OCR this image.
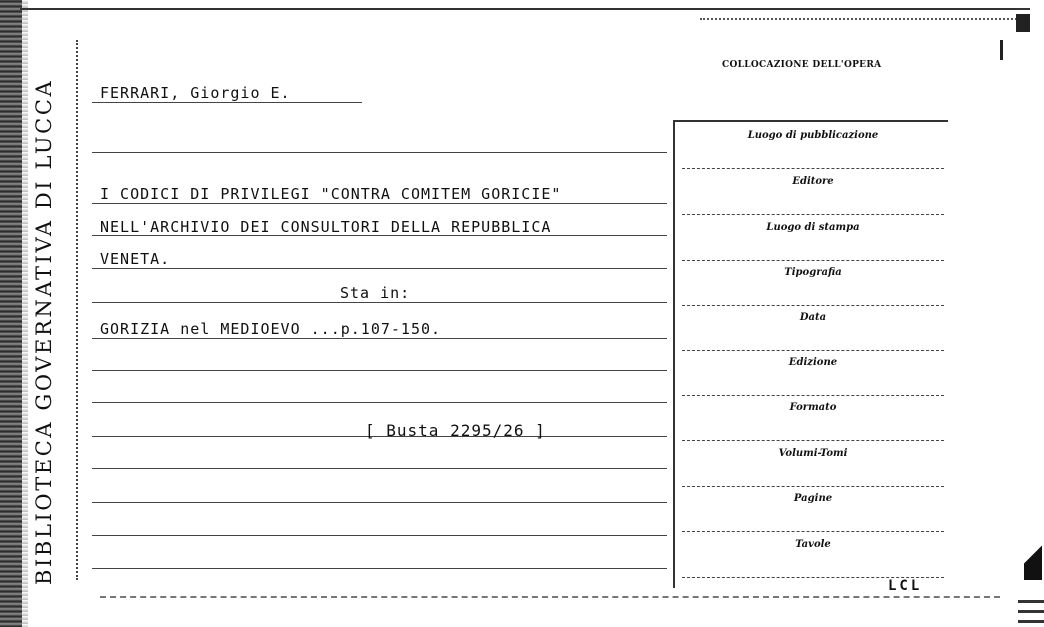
BIBLIOTECA GOVERNATIVA DI LUCCA	FERRARI, Giorgio E.
I CODICI DI PRIVILEGI "CONTRA COMITEM GORICIE"
NELL'ARCHIVIO DEI CONSULTORI DELLA REPUBBLICA
VENETA.
Sta in:
GORIZIA nel MEDIOEVO ...p.107-150.
[ Busta 2295/26 ]
COLLOCAZIONE DELL'OPERA
Luogo di pubblicazione
Editore
Luogo di stampa
Tipografia
Data
Edizione
Formato
Volumi-Tomi
Pagine
Tavole
LCL
